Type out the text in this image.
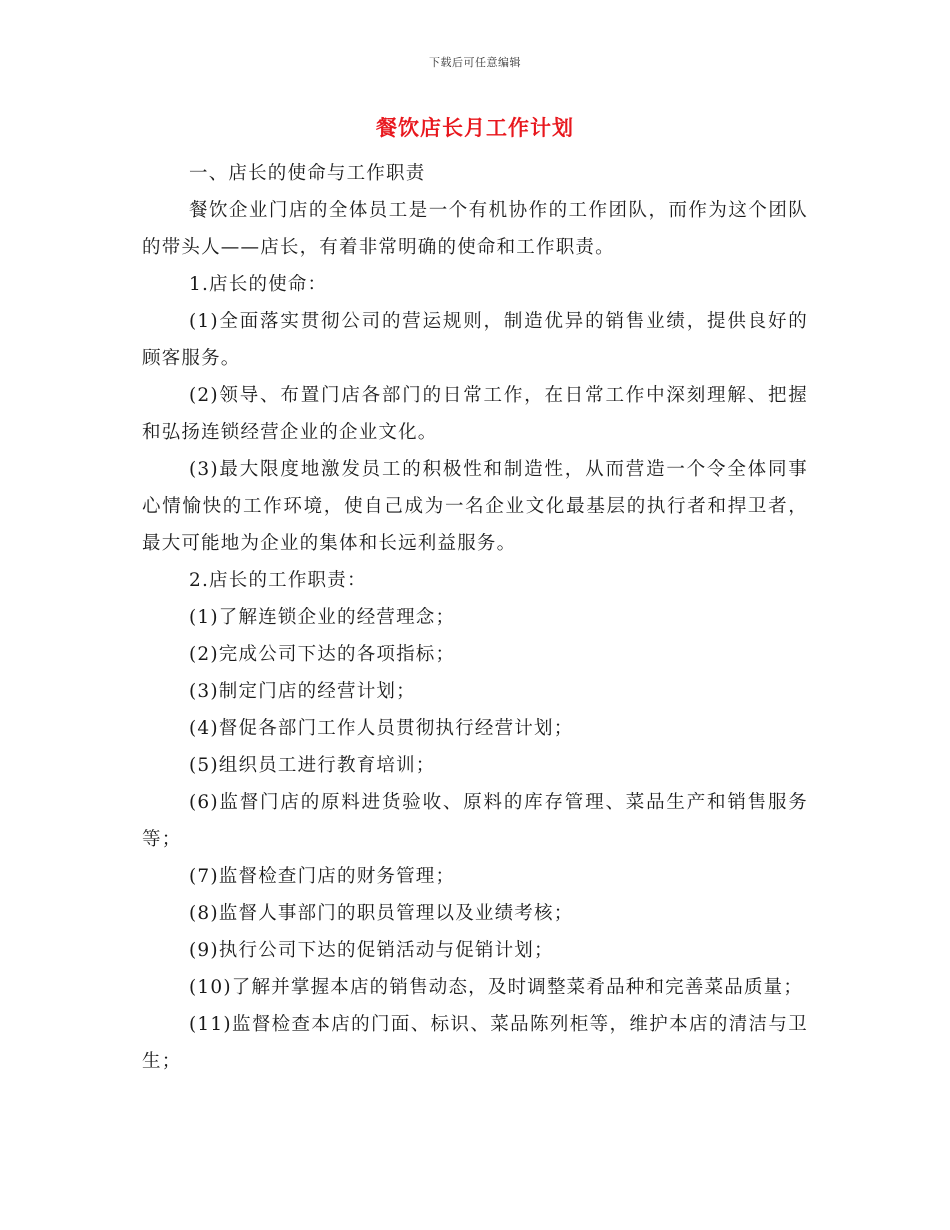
下载后可任意编辑
餐饮店长月工作计划

一、店长的使命与工作职责

餐饮企业门店的全体员工是一个有机协作的工作团队，而作为这个团队的带头人——店长，有着非常明确的使命和工作职责。

1.店长的使命：

(1)全面落实贯彻公司的营运规则，制造优异的销售业绩，提供良好的顾客服务。

(2)领导、布置门店各部门的日常工作，在日常工作中深刻理解、把握和弘扬连锁经营企业的企业文化。

(3)最大限度地激发员工的积极性和制造性，从而营造一个令全体同事心情愉快的工作环境，使自己成为一名企业文化最基层的执行者和捍卫者，最大可能地为企业的集体和长远利益服务。

2.店长的工作职责：

(1)了解连锁企业的经营理念；

(2)完成公司下达的各项指标；

(3)制定门店的经营计划；

(4)督促各部门工作人员贯彻执行经营计划；

(5)组织员工进行教育培训；

(6)监督门店的原料进货验收、原料的库存管理、菜品生产和销售服务等；

(7)监督检查门店的财务管理；

(8)监督人事部门的职员管理以及业绩考核；

(9)执行公司下达的促销活动与促销计划；

(10)了解并掌握本店的销售动态，及时调整菜肴品种和完善菜品质量；

(11)监督检查本店的门面、标识、菜品陈列柜等，维护本店的清洁与卫生；
